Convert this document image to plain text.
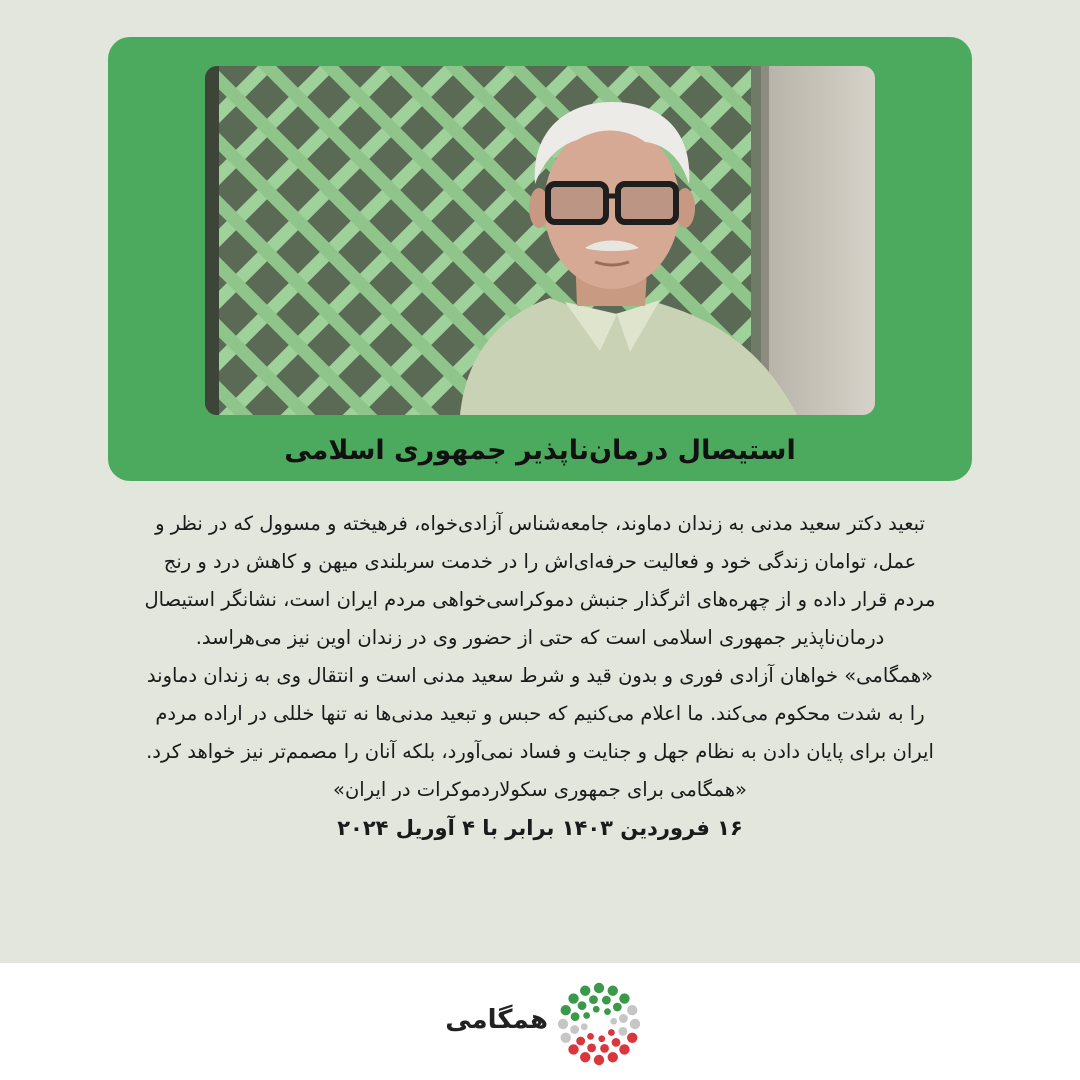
استیصال درمان‌ناپذیر جمهوری اسلامی
تبعید دکتر سعید مدنی به زندان دماوند، جامعه‌شناس آزادی‌خواه، فرهیخته و مسوول که در نظر و
عمل، توامان زندگی خود و فعالیت حرفه‌ای‌اش را در خدمت سربلندی میهن و کاهش درد و رنج
مردم قرار داده و از چهره‌های اثرگذار جنبش دموکراسی‌خواهی مردم ایران است، نشانگر استیصال
درمان‌ناپذیر جمهوری اسلامی است که حتی از حضور وی در زندان اوین نیز می‌هراسد.
«همگامی» خواهان آزادی فوری و بدون قید و شرط سعید مدنی است و انتقال وی به زندان دماوند
را به شدت محکوم می‌کند. ما اعلام می‌کنیم که حبس و تبعید مدنی‌ها نه تنها خللی در اراده مردم
ایران برای پایان دادن به نظام جهل و جنایت و فساد نمی‌آورد، بلکه آنان را مصمم‌تر نیز خواهد کرد.
«همگامی برای جمهوری سکولاردموکرات در ایران»
۱۶ فروردین ۱۴۰۳ برابر با ۴ آوریل ۲۰۲۴
همگامی
